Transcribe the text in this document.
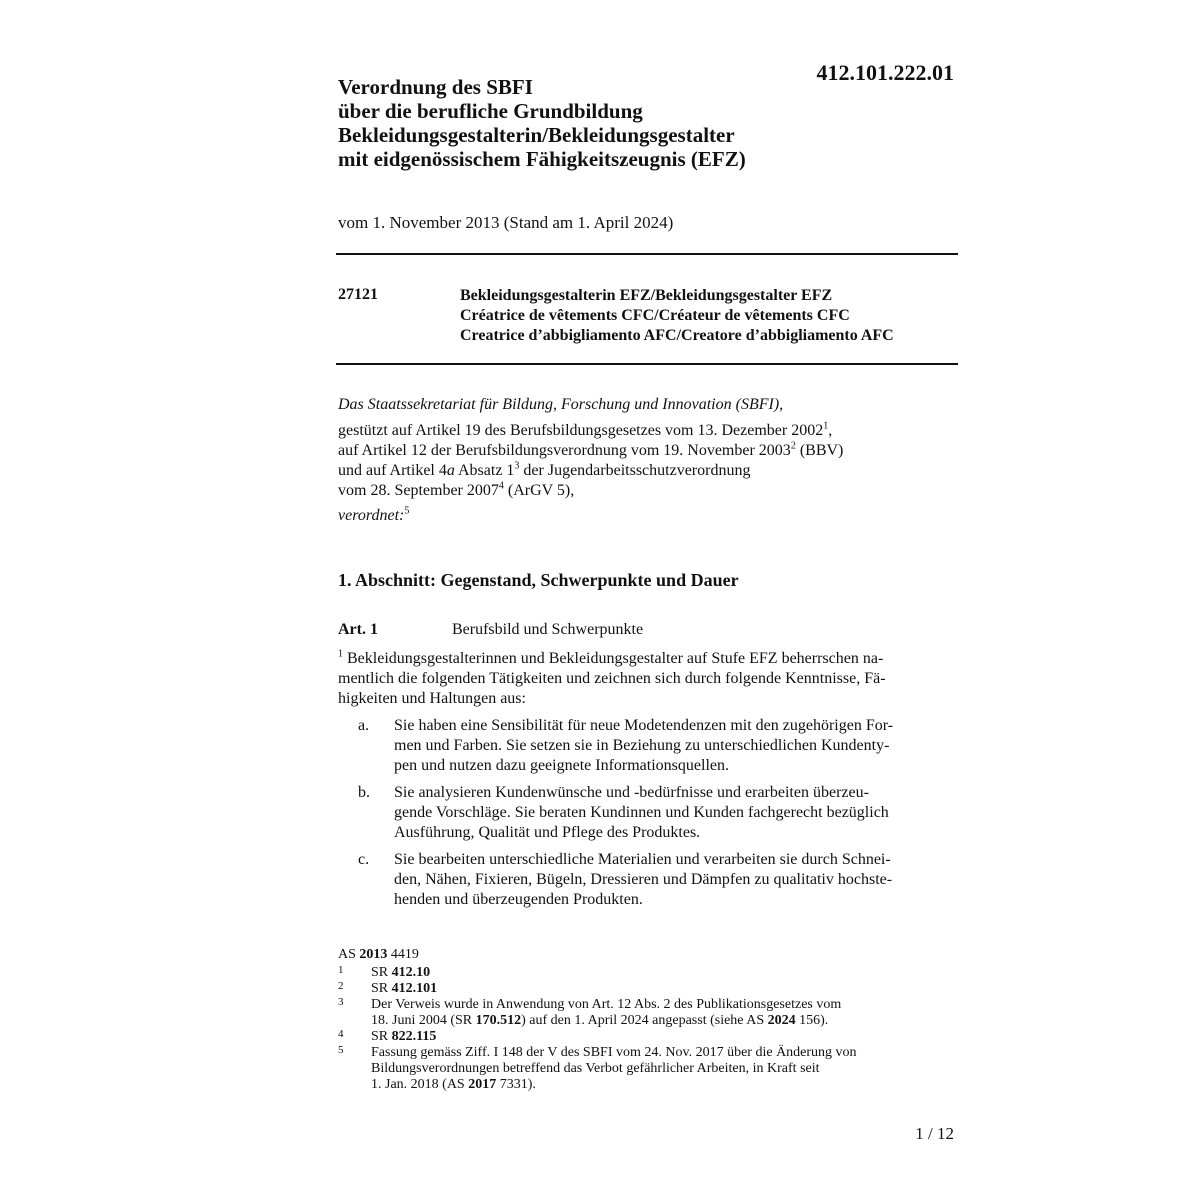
412.101.222.01
Verordnung des SBFI
über die berufliche Grundbildung
Bekleidungsgestalterin/Bekleidungsgestalter
mit eidgenössischem Fähigkeitszeugnis (EFZ)
vom 1. November 2013 (Stand am 1. April 2024)
27121	Bekleidungsgestalterin EFZ/Bekleidungsgestalter EFZ
Créatrice de vêtements CFC/Créateur de vêtements CFC
Creatrice d’abbigliamento AFC/Creatore d’abbigliamento AFC
Das Staatssekretariat für Bildung, Forschung und Innovation (SBFI),
gestützt auf Artikel 19 des Berufsbildungsgesetzes vom 13. Dezember 2002$^1$,
auf Artikel 12 der Berufsbildungsverordnung vom 19. November 2003$^2$ (BBV)
und auf Artikel 4a Absatz $1^3$ der Jugendarbeitsschutzverordnung
vom 28. September 2007$^4$ (ArGV 5),
verordnet:$^5$
1. Abschnitt: Gegenstand, Schwerpunkte und Dauer
Art. 1	Berufsbild und Schwerpunkte
$^1$ Bekleidungsgestalterinnen und Bekleidungsgestalter auf Stufe EFZ beherrschen na-
mentlich die folgenden Tätigkeiten und zeichnen sich durch folgende Kenntnisse, Fä-
higkeiten und Haltungen aus:
a. Sie haben eine Sensibilität für neue Modetendenzen mit den zugehörigen For-
men und Farben. Sie setzen sie in Beziehung zu unterschiedlichen Kundenty-
pen und nutzen dazu geeignete Informationsquellen.
b. Sie analysieren Kundenwünsche und -bedürfnisse und erarbeiten überzeu-
gende Vorschläge. Sie beraten Kundinnen und Kunden fachgerecht bezüglich
Ausführung, Qualität und Pflege des Produktes.
c. Sie bearbeiten unterschiedliche Materialien und verarbeiten sie durch Schnei-
den, Nähen, Fixieren, Bügeln, Dressieren und Dämpfen zu qualitativ hochste-
henden und überzeugenden Produkten.
AS 2013 4419
1 SR 412.10
2 SR 412.101
3 Der Verweis wurde in Anwendung von Art. 12 Abs. 2 des Publikationsgesetzes vom
18. Juni 2004 (SR 170.512) auf den 1. April 2024 angepasst (siehe AS 2024 156).
4 SR 822.115
5 Fassung gemäss Ziff. I 148 der V des SBFI vom 24. Nov. 2017 über die Änderung von
Bildungsverordnungen betreffend das Verbot gefährlicher Arbeiten, in Kraft seit
1. Jan. 2018 (AS 2017 7331).
1 / 12
